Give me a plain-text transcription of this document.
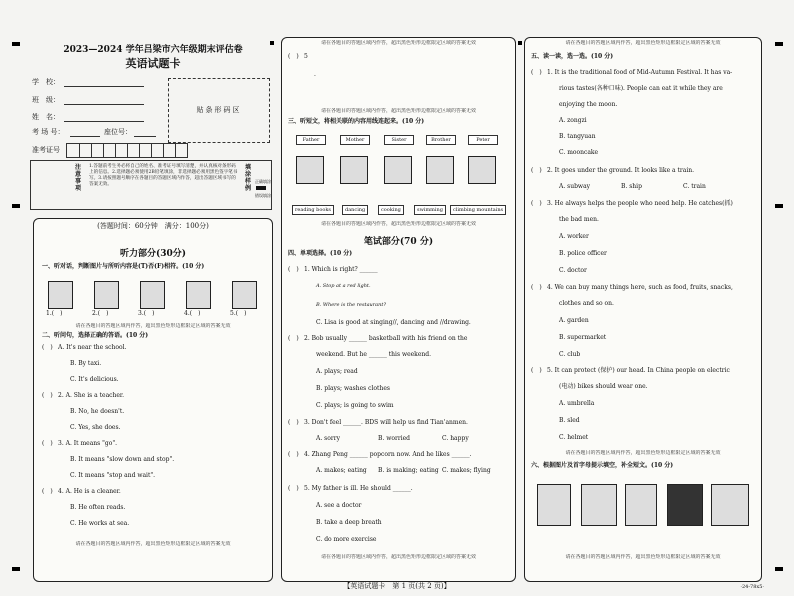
2023—2024 学年吕梁市六年级期末评估卷
英语试题卡
学　校：
班　级：
姓　名：
考 场 号：	座位号：
贴条形码区
准考证号
注意事项
1.答题前考生务必将自己的姓名、准考证号填写清楚，并认真核对条形码上的信息。2.选择题必须使用2B铅笔填涂，非选择题必须用黑色签字笔书写。3.请按照题号顺序在各题目的答题区域内作答，超出答题区域书写的答案无效。
填涂样例
正确填涂
错误填涂
(答题时间：60分钟　满分：100分)
听力部分(30分)
一、听对话，判断图片与所听内容是(T)否(F)相符。(10 分)
1.(　)	2.(　)	3.(　)	4.(　)	5.(　)
请在各题目的答题区域内作答，超出黑色矩形边框限定区域的答案无效
二、听问句，选择正确的答语。(10 分)
(　) A. It's near the school.
B. By taxi.
C. It's delicious.
(　) 2. A. She is a teacher.
B. No, he doesn't.
C. Yes, she does.
(　) 3. A. It means "go".
B. It means "slow down and stop".
C. It means "stop and wait".
(　) 4. A. He is a cleaner.
B. He often reads.
C. He works at sea.
请在各题目的答题区域内作答，超出黑色矩形边框限定区域的答案无效
请在各题目的答题区域内作答，超出黑色矩形边框限定区域的答案无效
(　) 5
.
请在各题目的答题区域内作答，超出黑色矩形边框限定区域的答案无效
三、听短文，将相关联的内容用线连起来。(10 分)
Father	Mother	Sister	Brother	Peter
reading books	dancing	cooking	swimming	climbing mountains
请在各题目的答题区域内作答，超出黑色矩形边框限定区域的答案无效
笔试部分(70 分)
四、单项选择。(10 分)
(　) 1. Which is right? ______
A. Stop at a red light.
B. Where is the restaurant?
C. Lisa is good at singing//, dancing and //drawing.
(　) 2. Bob usually ______ basketball with his friend on the
weekend. But he ______ this weekend.
A. plays; read
B. plays; washes clothes
C. plays; is going to swim
(　) 3. Don't feel ______. BDS will help us find Tian'anmen.
A. sorry	B. worried	C. happy
(　) 4. Zhang Peng ______ popcorn now. And he likes ______.
A. makes; eating B. is making; eating C. makes; flying
(　) 5. My father is ill. He should ______.
A. see a doctor
B. take a deep breath
C. do more exercise
请在各题目的答题区域内作答，超出黑色矩形边框限定区域的答案无效
请在各题目的答题区域内作答，超出黑色矩形边框限定区域的答案无效
五、读一读，选一选。(10 分)
(　) 1. It is the traditional food of Mid-Autumn Festival. It has va-
rious tastes(各种口味). People can eat it while they are
enjoying the moon.
A. zongzi
B. tangyuan
C. mooncake
(　) 2. It goes under the ground. It looks like a train.
A. subway	B. ship	C. train
(　) 3. He always helps the people who need help. He catches(抓)
the bad men.
A. worker
B. police officer
C. doctor
(　) 4. We can buy many things here, such as food, fruits, snacks,
clothes and so on.
A. garden
B. supermarket
C. club
(　) 5. It can protect (保护) our head. In China people on electric
(电动) bikes should wear one.
A. umbrella
B. sled
C. helmet
请在各题目的答题区域内作答，超出黑色矩形边框限定区域的答案无效
六、根据图片及首字母提示填空，补全短文。(10 分)
请在各题目的答题区域内作答，超出黑色矩形边框限定区域的答案无效
【英语试题卡　第 1 页(共 2 页)】	·24-78x5·
